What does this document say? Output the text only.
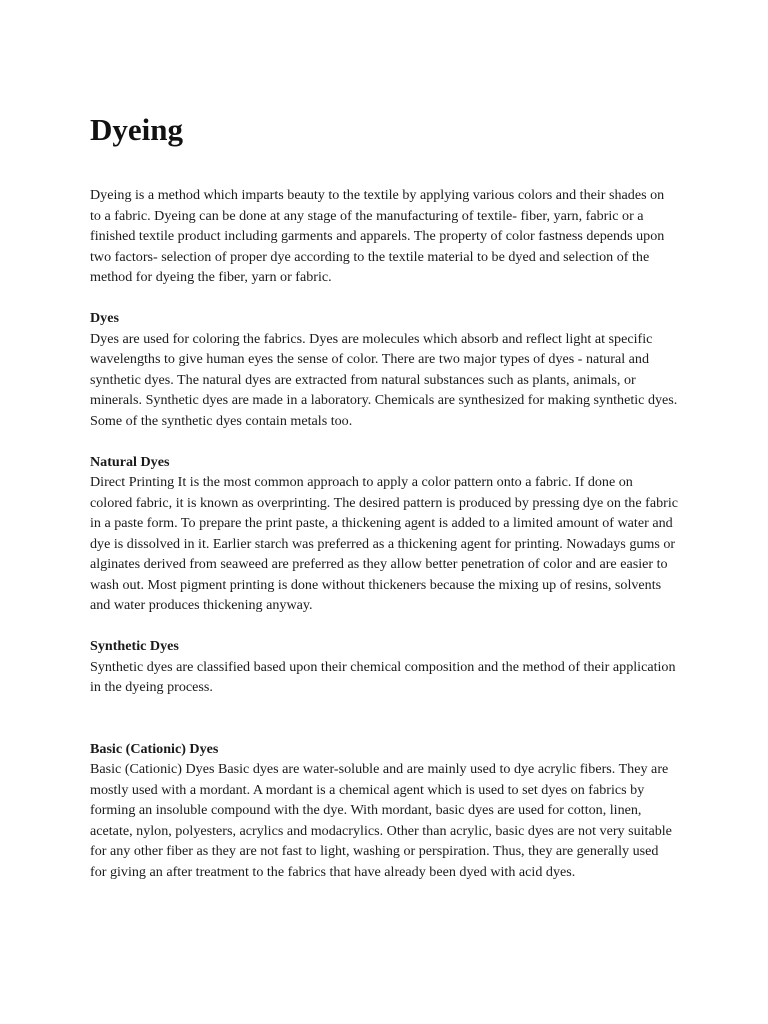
Dyeing

Dyeing is a method which imparts beauty to the textile by applying various colors and their shades on to a fabric. Dyeing can be done at any stage of the manufacturing of textile- fiber, yarn, fabric or a finished textile product including garments and apparels. The property of color fastness depends upon two factors- selection of proper dye according to the textile material to be dyed and selection of the method for dyeing the fiber, yarn or fabric.

Dyes

Dyes are used for coloring the fabrics. Dyes are molecules which absorb and reflect light at specific wavelengths to give human eyes the sense of color. There are two major types of dyes - natural and synthetic dyes. The natural dyes are extracted from natural substances such as plants, animals, or minerals. Synthetic dyes are made in a laboratory. Chemicals are synthesized for making synthetic dyes. Some of the synthetic dyes contain metals too.

Natural Dyes

Direct Printing It is the most common approach to apply a color pattern onto a fabric. If done on colored fabric, it is known as overprinting. The desired pattern is produced by pressing dye on the fabric in a paste form. To prepare the print paste, a thickening agent is added to a limited amount of water and dye is dissolved in it. Earlier starch was preferred as a thickening agent for printing. Nowadays gums or alginates derived from seaweed are preferred as they allow better penetration of color and are easier to wash out. Most pigment printing is done without thickeners because the mixing up of resins, solvents and water produces thickening anyway.

Synthetic Dyes

Synthetic dyes are classified based upon their chemical composition and the method of their application in the dyeing process.

Basic (Cationic) Dyes

Basic (Cationic) Dyes Basic dyes are water-soluble and are mainly used to dye acrylic fibers. They are mostly used with a mordant. A mordant is a chemical agent which is used to set dyes on fabrics by forming an insoluble compound with the dye. With mordant, basic dyes are used for cotton, linen, acetate, nylon, polyesters, acrylics and modacrylics. Other than acrylic, basic dyes are not very suitable for any other fiber as they are not fast to light, washing or perspiration. Thus, they are generally used for giving an after treatment to the fabrics that have already been dyed with acid dyes.
